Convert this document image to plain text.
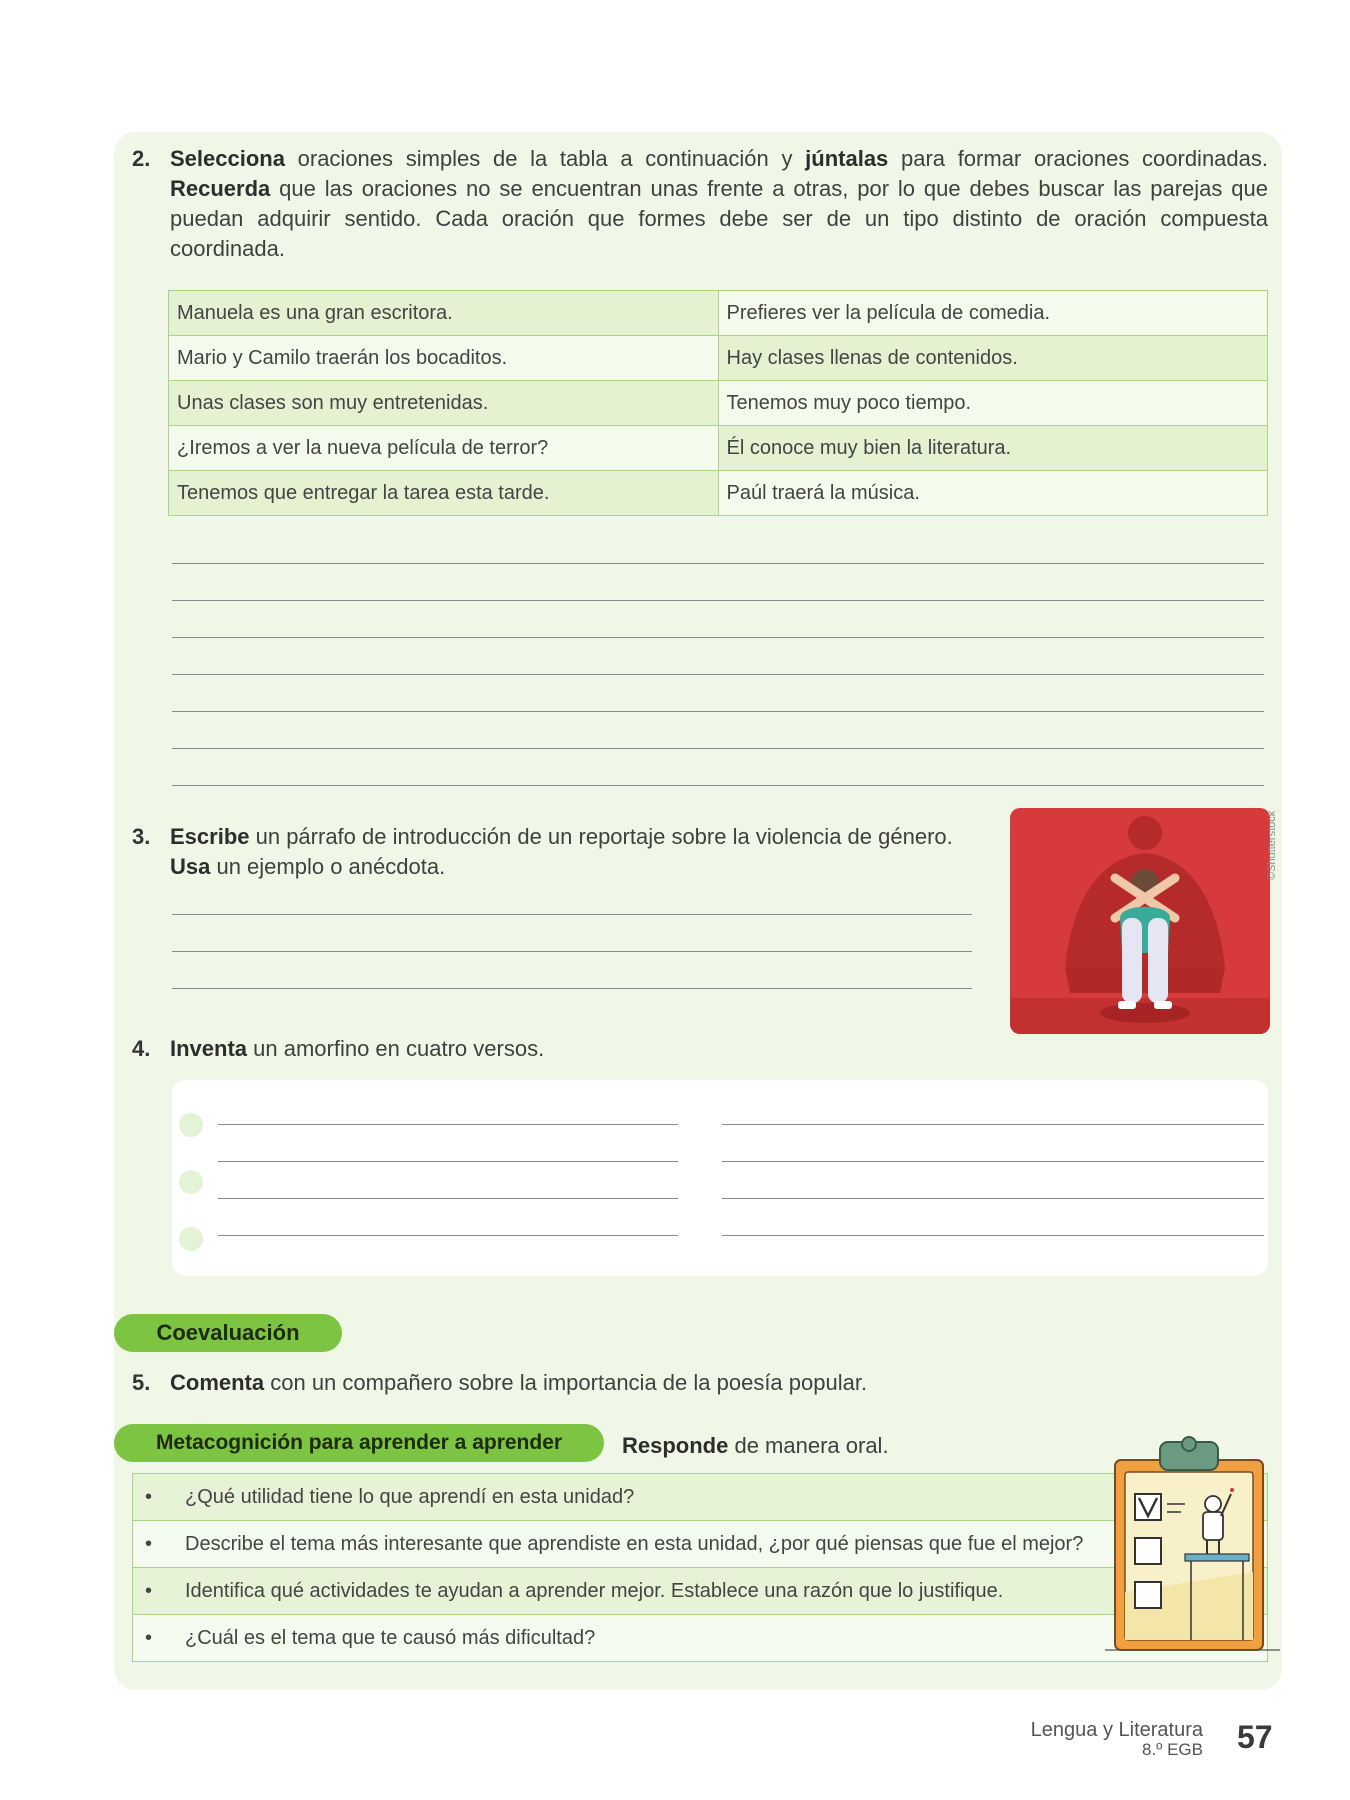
2. Selecciona oraciones simples de la tabla a continuación y júntalas para formar oraciones coordinadas. Recuerda que las oraciones no se encuentran unas frente a otras, por lo que debes buscar las parejas que puedan adquirir sentido. Cada oración que formes debe ser de un tipo distinto de oración compuesta coordinada.

Manuela es una gran escritora.	Prefieres ver la película de comedia.
Mario y Camilo traerán los bocaditos.	Hay clases llenas de contenidos.
Unas clases son muy entretenidas.	Tenemos muy poco tiempo.
¿Iremos a ver la nueva película de terror?	Él conoce muy bien la literatura.
Tenemos que entregar la tarea esta tarde.	Paúl traerá la música.
3. Escribe un párrafo de introducción de un reportaje sobre la violencia de género.
Usa un ejemplo o anécdota.	©Shutterstock
4. Inventa un amorfino en cuatro versos.

Coevaluación
5. Comenta con un compañero sobre la importancia de la poesía popular.

Metacognición para aprender a aprender	Responde de manera oral.
• ¿Qué utilidad tiene lo que aprendí en esta unidad?
• Describe el tema más interesante que aprendiste en esta unidad, ¿por qué piensas que fue el mejor?
• Identifica qué actividades te ayudan a aprender mejor. Establece una razón que lo justifique.
• ¿Cuál es el tema que te causó más dificultad?
Lengua y Literatura
8.º EGB 57
